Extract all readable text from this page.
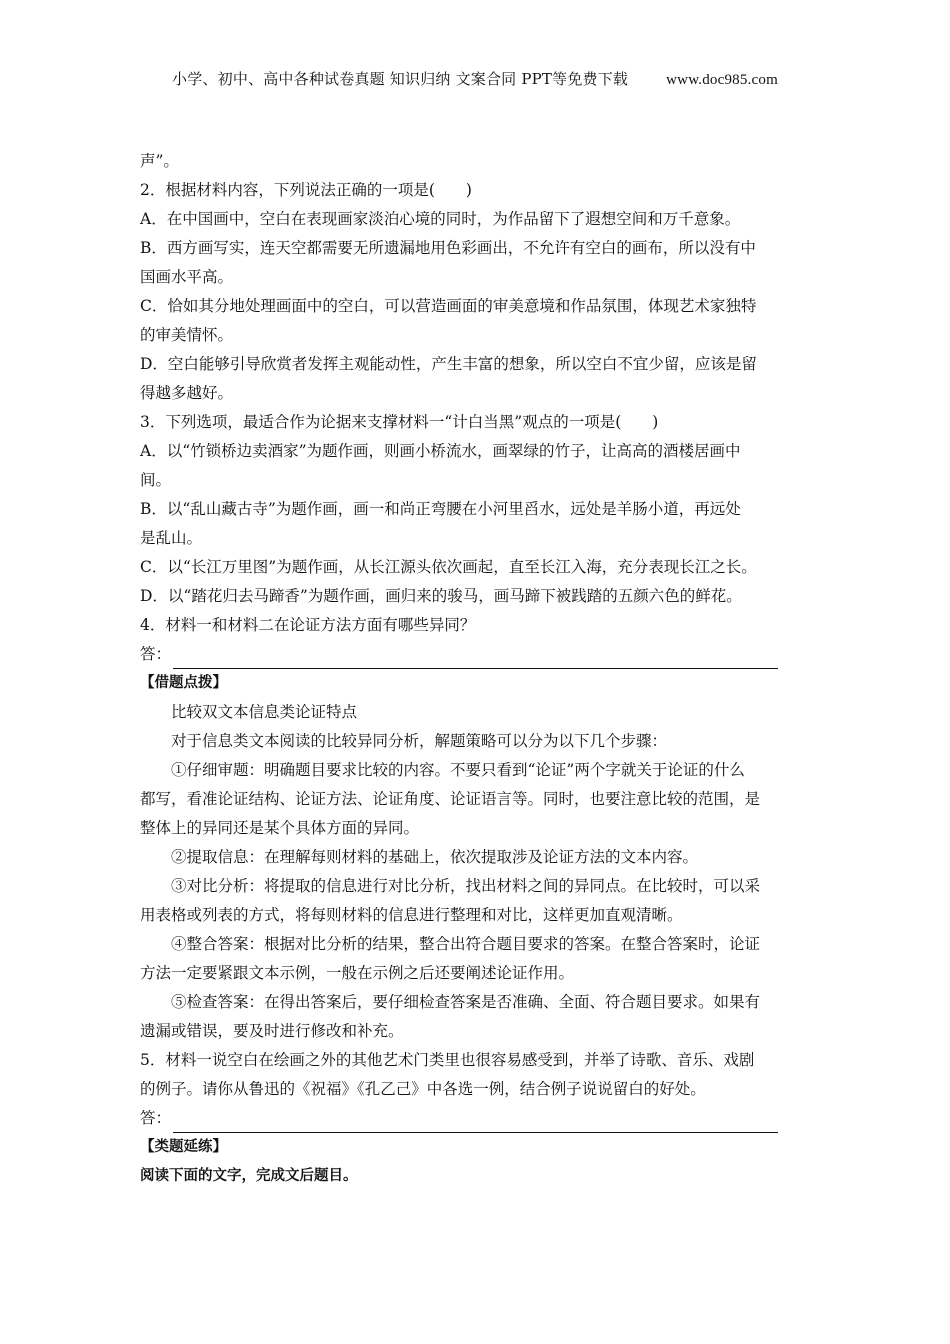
小学、初中、高中各种试卷真题 知识归纳 文案合同 PPT等免费下载	www.doc985.com
声”。
2．根据材料内容，下列说法正确的一项是(　　)
A．在中国画中，空白在表现画家淡泊心境的同时，为作品留下了遐想空间和万千意象。
B．西方画写实，连天空都需要无所遗漏地用色彩画出，不允许有空白的画布，所以没有中
国画水平高。
C．恰如其分地处理画面中的空白，可以营造画面的审美意境和作品氛围，体现艺术家独特
的审美情怀。
D．空白能够引导欣赏者发挥主观能动性，产生丰富的想象，所以空白不宜少留，应该是留
得越多越好。
3．下列选项，最适合作为论据来支撑材料一“计白当黑”观点的一项是(　　)
A．以“竹锁桥边卖酒家”为题作画，则画小桥流水，画翠绿的竹子，让高高的酒楼居画中
间。
B．以“乱山藏古寺”为题作画，画一和尚正弯腰在小河里舀水，远处是羊肠小道，再远处
是乱山。
C．以“长江万里图”为题作画，从长江源头依次画起，直至长江入海，充分表现长江之长。
D．以“踏花归去马蹄香”为题作画，画归来的骏马，画马蹄下被践踏的五颜六色的鲜花。
4．材料一和材料二在论证方法方面有哪些异同？
答：
【借题点拨】
比较双文本信息类论证特点
对于信息类文本阅读的比较异同分析，解题策略可以分为以下几个步骤：
①仔细审题：明确题目要求比较的内容。不要只看到“论证”两个字就关于论证的什么
都写，看准论证结构、论证方法、论证角度、论证语言等。同时，也要注意比较的范围，是
整体上的异同还是某个具体方面的异同。
②提取信息：在理解每则材料的基础上，依次提取涉及论证方法的文本内容。
③对比分析：将提取的信息进行对比分析，找出材料之间的异同点。在比较时，可以采
用表格或列表的方式，将每则材料的信息进行整理和对比，这样更加直观清晰。
④整合答案：根据对比分析的结果，整合出符合题目要求的答案。在整合答案时，论证
方法一定要紧跟文本示例，一般在示例之后还要阐述论证作用。
⑤检查答案：在得出答案后，要仔细检查答案是否准确、全面、符合题目要求。如果有
遗漏或错误，要及时进行修改和补充。
5．材料一说空白在绘画之外的其他艺术门类里也很容易感受到，并举了诗歌、音乐、戏剧
的例子。请你从鲁迅的《祝福》《孔乙己》中各选一例，结合例子说说留白的好处。
答：
【类题延练】
阅读下面的文字，完成文后题目。
